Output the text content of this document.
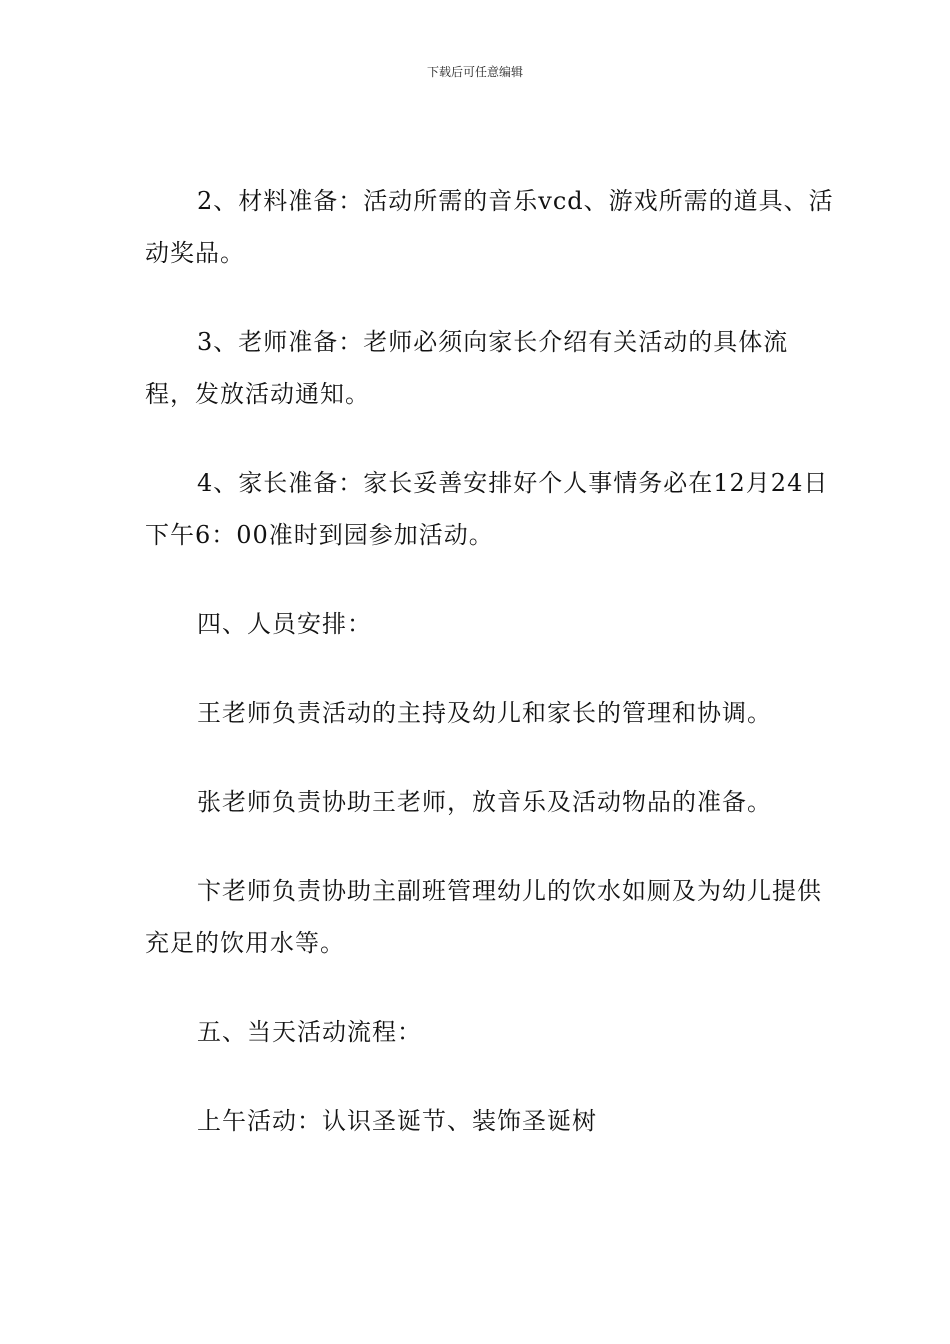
下载后可任意编辑

2、材料准备：活动所需的音乐vcd、游戏所需的道具、活动奖品。

3、老师准备：老师必须向家长介绍有关活动的具体流程，发放活动通知。

4、家长准备：家长妥善安排好个人事情务必在12月24日下午6：00准时到园参加活动。

四、人员安排：

王老师负责活动的主持及幼儿和家长的管理和协调。

张老师负责协助王老师，放音乐及活动物品的准备。

卞老师负责协助主副班管理幼儿的饮水如厕及为幼儿提供充足的饮用水等。

五、当天活动流程：

上午活动：认识圣诞节、装饰圣诞树
